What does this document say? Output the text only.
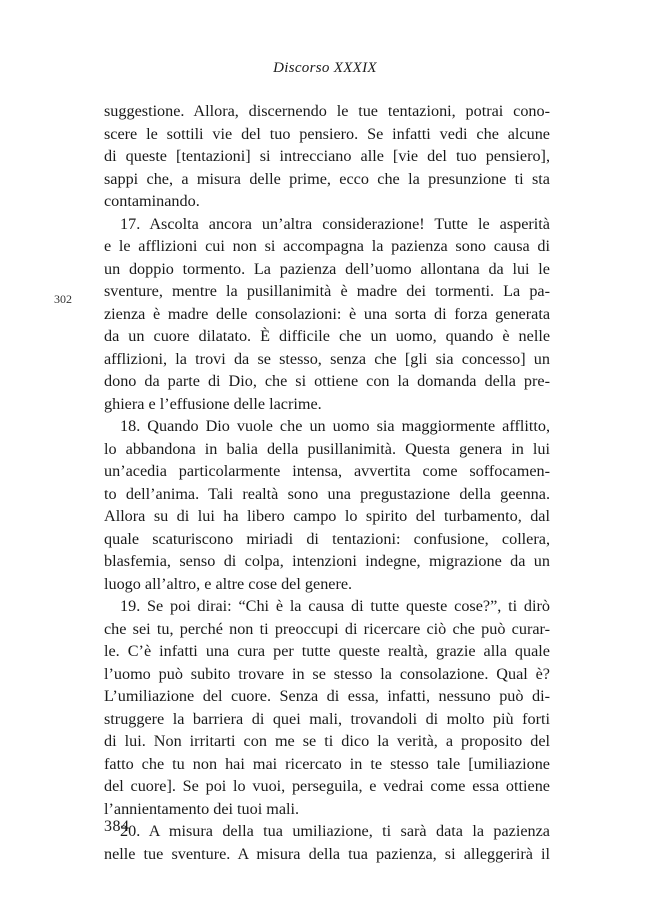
Discorso XXXIX
302
suggestione. Allora, discernendo le tue tentazioni, potrai cono-
scere le sottili vie del tuo pensiero. Se infatti vedi che alcune
di queste [tentazioni] si intrecciano alle [vie del tuo pensiero],
sappi che, a misura delle prime, ecco che la presunzione ti sta
contaminando.
17. Ascolta ancora un’altra considerazione! Tutte le asperità
e le afflizioni cui non si accompagna la pazienza sono causa di
un doppio tormento. La pazienza dell’uomo allontana da lui le
sventure, mentre la pusillanimità è madre dei tormenti. La pa-
zienza è madre delle consolazioni: è una sorta di forza generata
da un cuore dilatato. È difficile che un uomo, quando è nelle
afflizioni, la trovi da se stesso, senza che [gli sia concesso] un
dono da parte di Dio, che si ottiene con la domanda della pre-
ghiera e l’effusione delle lacrime.
18. Quando Dio vuole che un uomo sia maggiormente afflitto,
lo abbandona in balia della pusillanimità. Questa genera in lui
un’acedia particolarmente intensa, avvertita come soffocamen-
to dell’anima. Tali realtà sono una pregustazione della geenna.
Allora su di lui ha libero campo lo spirito del turbamento, dal
quale scaturiscono miriadi di tentazioni: confusione, collera,
blasfemia, senso di colpa, intenzioni indegne, migrazione da un
luogo all’altro, e altre cose del genere.
19. Se poi dirai: “Chi è la causa di tutte queste cose?”, ti dirò
che sei tu, perché non ti preoccupi di ricercare ciò che può curar-
le. C’è infatti una cura per tutte queste realtà, grazie alla quale
l’uomo può subito trovare in se stesso la consolazione. Qual è?
L’umiliazione del cuore. Senza di essa, infatti, nessuno può di-
struggere la barriera di quei mali, trovandoli di molto più forti
di lui. Non irritarti con me se ti dico la verità, a proposito del
fatto che tu non hai mai ricercato in te stesso tale [umiliazione
del cuore]. Se poi lo vuoi, perseguila, e vedrai come essa ottiene
l’annientamento dei tuoi mali.
20. A misura della tua umiliazione, ti sarà data la pazienza
nelle tue sventure. A misura della tua pazienza, si alleggerirà il
384
